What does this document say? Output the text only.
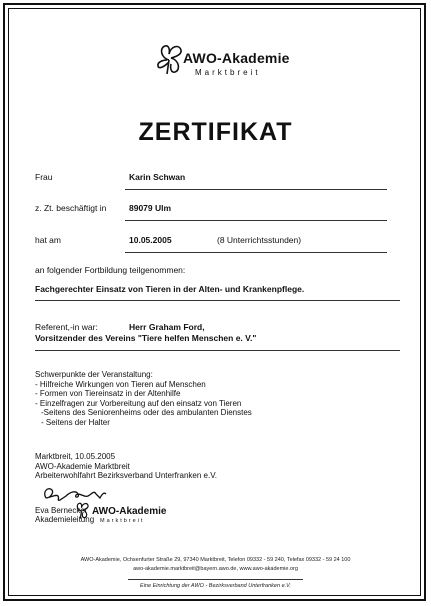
AWO-Akademie
Marktbreit
ZERTIFIKAT
Frau	Karin Schwan
z. Zt. beschäftigt in	89079 Ulm
hat am	10.05.2005	(8 Unterrichtsstunden)
an folgender Fortbildung teilgenommen:
Fachgerechter Einsatz von Tieren in der Alten- und Krankenpflege.
Referent,-in war:	Herr Graham Ford,
Vorsitzender des Vereins "Tiere helfen Menschen e. V."
Schwerpunkte der Veranstaltung:
- Hilfreiche Wirkungen von Tieren auf Menschen
- Formen von Tiereinsatz in der Altenhilfe
- Einzelfragen zur Vorbereitung auf den einsatz von Tieren
-Seitens des Seniorenheims oder des ambulanten Dienstes
- Seitens der Halter
Marktbreit, 10.05.2005
AWO-Akademie Marktbreit
Arbeiterwohlfahrt Bezirksverband Unterfranken e.V.
Eva Bernecker
Akademieleitung
AWO-Akademie
Marktbreit
AWO-Akademie, Ochsenfurter Straße 29, 97340 Marktbreit, Telefon 09332 - 59 240, Telefax 09332 - 59 24 100
awo-akademie.marktbreit@bayern.awo.de, www.awo-akademie.org
Eine Einrichtung der AWO - Bezirksverband Unterfranken e.V.
